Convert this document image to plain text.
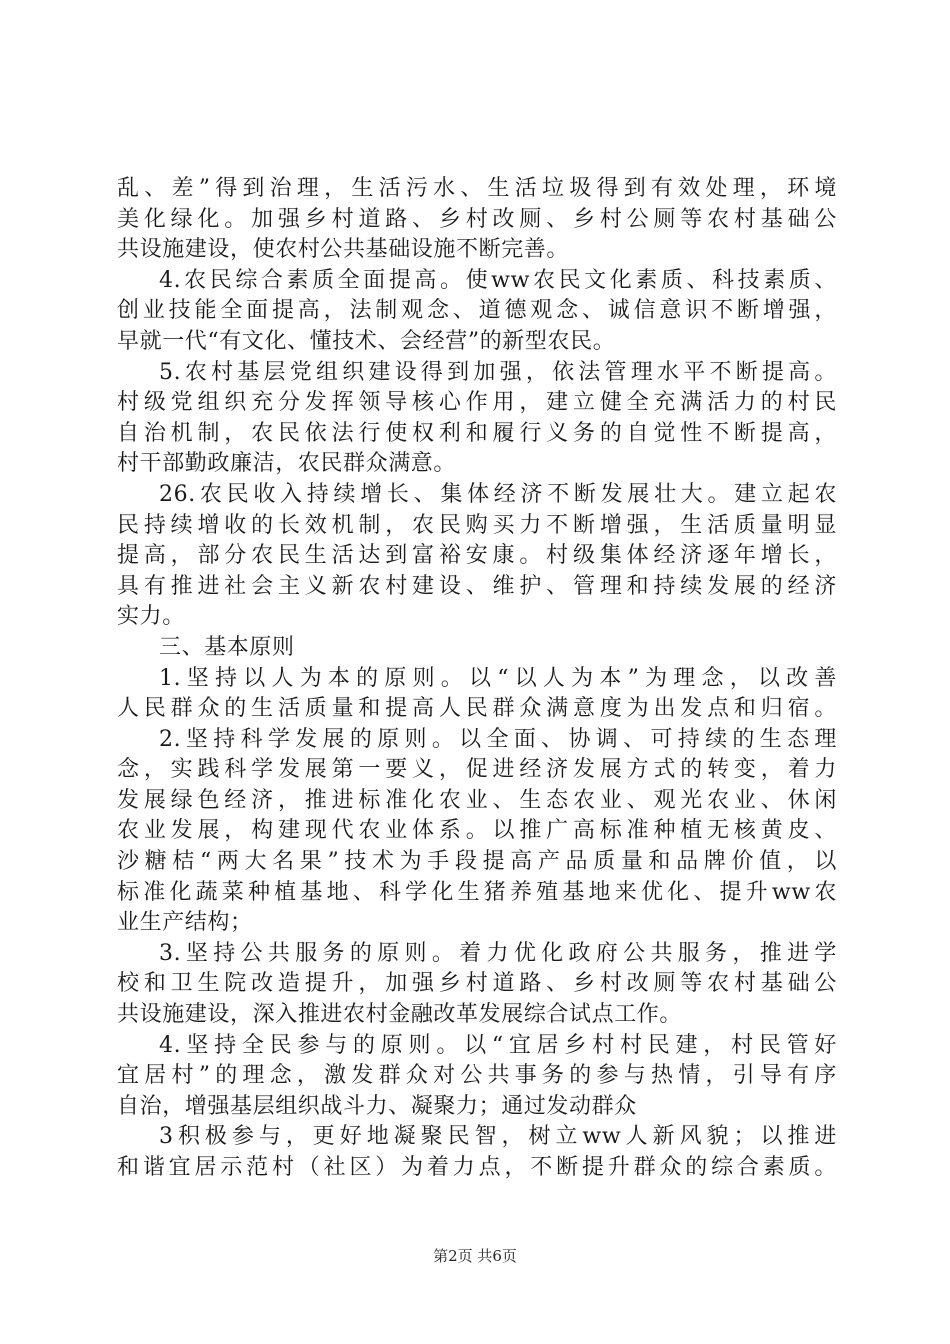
乱、差”得到治理，生活污水、生活垃圾得到有效处理，环境
美化绿化。加强乡村道路、乡村改厕、乡村公厕等农村基础公
共设施建设，使农村公共基础设施不断完善。
4.农民综合素质全面提高。使ww农民文化素质、科技素质、
创业技能全面提高，法制观念、道德观念、诚信意识不断增强，
早就一代“有文化、懂技术、会经营”的新型农民。
5.农村基层党组织建设得到加强，依法管理水平不断提高。
村级党组织充分发挥领导核心作用，建立健全充满活力的村民
自治机制，农民依法行使权利和履行义务的自觉性不断提高，
村干部勤政廉洁，农民群众满意。
26.农民收入持续增长、集体经济不断发展壮大。建立起农
民持续增收的长效机制，农民购买力不断增强，生活质量明显
提高，部分农民生活达到富裕安康。村级集体经济逐年增长，
具有推进社会主义新农村建设、维护、管理和持续发展的经济
实力。
三、基本原则
1.坚持以人为本的原则。以“以人为本”为理念，以改善
人民群众的生活质量和提高人民群众满意度为出发点和归宿。
2.坚持科学发展的原则。以全面、协调、可持续的生态理
念，实践科学发展第一要义，促进经济发展方式的转变，着力
发展绿色经济，推进标准化农业、生态农业、观光农业、休闲
农业发展，构建现代农业体系。以推广高标准种植无核黄皮、
沙糖桔“两大名果”技术为手段提高产品质量和品牌价值，以
标准化蔬菜种植基地、科学化生猪养殖基地来优化、提升ww农
业生产结构；
3.坚持公共服务的原则。着力优化政府公共服务，推进学
校和卫生院改造提升，加强乡村道路、乡村改厕等农村基础公
共设施建设，深入推进农村金融改革发展综合试点工作。
4.坚持全民参与的原则。以“宜居乡村村民建，村民管好
宜居村”的理念，激发群众对公共事务的参与热情，引导有序
自治，增强基层组织战斗力、凝聚力；通过发动群众
3积极参与，更好地凝聚民智，树立ww人新风貌；以推进
和谐宜居示范村（社区）为着力点，不断提升群众的综合素质。
第2页 共6页
